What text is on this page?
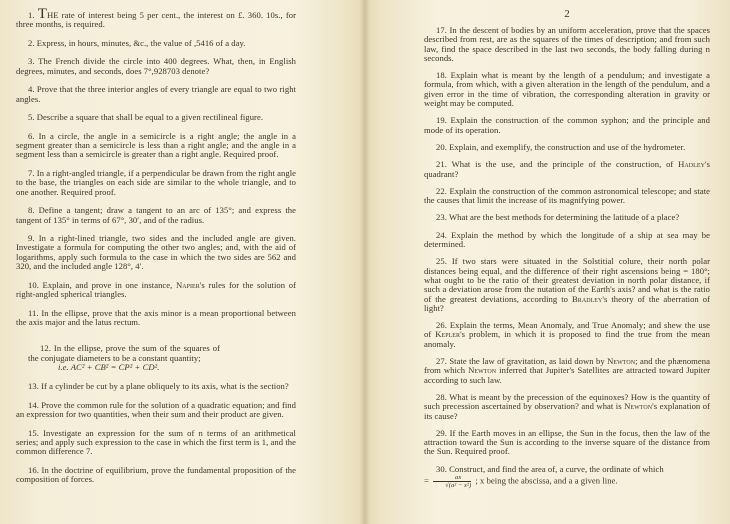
1. THE rate of interest being 5 per cent., the interest on £. 360. 10s., for three months, is required.

2. Express, in hours, minutes, &c., the value of ,5416 of a day.

3. The French divide the circle into 400 degrees. What, then, in English degrees, minutes, and seconds, does 7°,928703 denote?

4. Prove that the three interior angles of every triangle are equal to two right angles.

5. Describe a square that shall be equal to a given rectilineal figure.

6. In a circle, the angle in a semicircle is a right angle; the angle in a segment greater than a semicircle is less than a right angle; and the angle in a segment less than a semicircle is greater than a right angle. Required proof.

7. In a right-angled triangle, if a perpendicular be drawn from the right angle to the base, the triangles on each side are similar to the whole triangle, and to one another. Required proof.

8. Define a tangent; draw a tangent to an arc of 135°; and express the tangent of 135° in terms of 67°, 30′, and of the radius.

9. In a right-lined triangle, two sides and the included angle are given. Investigate a formula for computing the other two angles; and, with the aid of logarithms, apply such formula to the case in which the two sides are 562 and 320, and the included angle 128°, 4′.

10. Explain, and prove in one instance, Napier's rules for the solution of right-angled spherical triangles.

11. In the ellipse, prove that the axis minor is a mean proportional between the axis major and the latus rectum.

12. In the ellipse, prove the sum of the squares of the conjugate diameters to be a constant quantity;
i.e. AC² + CB² = CP² + CD².

13. If a cylinder be cut by a plane obliquely to its axis, what is the section?

14. Prove the common rule for the solution of a quadratic equation; and find an expression for two quantities, when their sum and their product are given.

15. Investigate an expression for the sum of n terms of an arithmetical series; and apply such expression to the case in which the first term is 1, and the common difference 7.

16. In the doctrine of equilibrium, prove the fundamental proposition of the composition of forces.

2

17. In the descent of bodies by an uniform acceleration, prove that the spaces described from rest, are as the squares of the times of description; and from such law, find the space described in the last two seconds, the body falling during n seconds.

18. Explain what is meant by the length of a pendulum; and investigate a formula, from which, with a given alteration in the length of the pendulum, and a given error in the time of vibration, the corresponding alteration in gravity or weight may be computed.

19. Explain the construction of the common syphon; and the principle and mode of its operation.

20. Explain, and exemplify, the construction and use of the hydrometer.

21. What is the use, and the principle of the construction, of Hadley's quadrant?

22. Explain the construction of the common astronomical telescope; and state the causes that limit the increase of its magnifying power.

23. What are the best methods for determining the latitude of a place?

24. Explain the method by which the longitude of a ship at sea may be determined.

25. If two stars were situated in the Solstitial colure, their north polar distances being equal, and the difference of their right ascensions being = 180°; what ought to be the ratio of their greatest deviation in north polar distance, if such a deviation arose from the nutation of the Earth's axis? and what is the ratio of the greatest deviations, according to Bradley's theory of the aberration of light?

26. Explain the terms, Mean Anomaly, and True Anomaly; and shew the use of Kepler's problem, in which it is proposed to find the true from the mean anomaly.

27. State the law of gravitation, as laid down by Newton; and the phænomena from which Newton inferred that Jupiter's Satellites are attracted toward Jupiter according to such law.

28. What is meant by the precession of the equinoxes? How is the quantity of such precession ascertained by observation? and what is Newton's explanation of its cause?

29. If the Earth moves in an ellipse, the Sun in the focus, then the law of the attraction toward the Sun is according to the inverse square of the distance from the Sun. Required proof.

30. Construct, and find the area of, a curve, the ordinate of which
= $\frac{ax}{\text{√(a² − x²)}}$ ; x being the abscissa, and a a given line.
